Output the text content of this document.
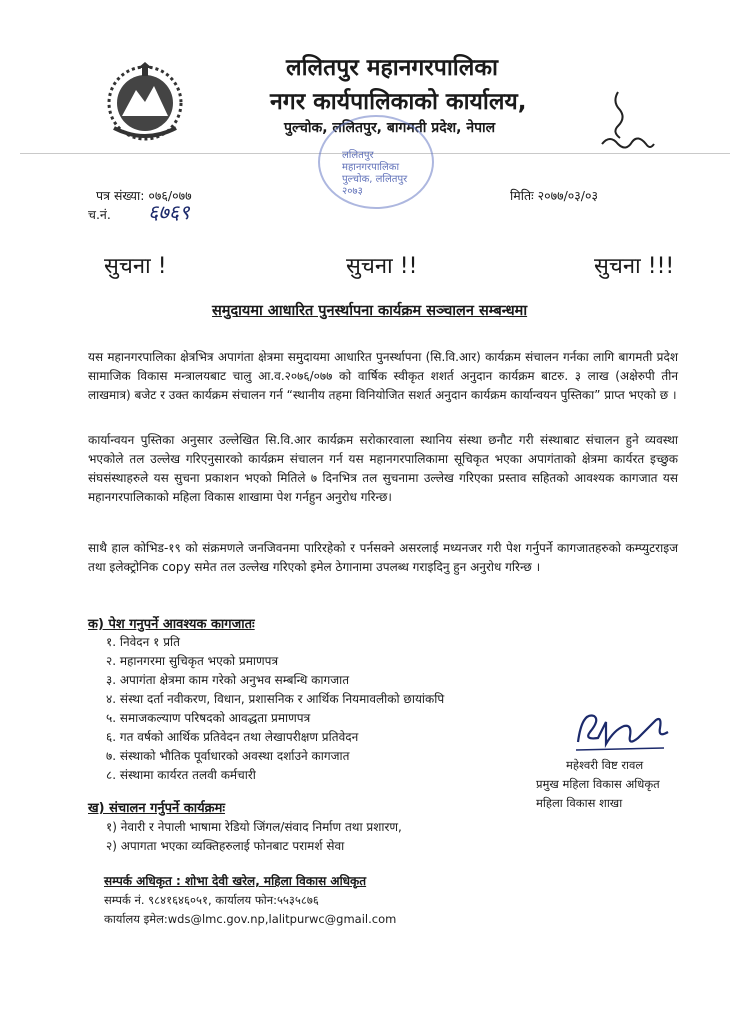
ललितपुर महानगरपालिका
नगर कार्यपालिकाको कार्यालय,
पुल्चोक, ललितपुर, बागमती प्रदेश, नेपाल
ललितपुर महानगरपालिका पुल्चोक, ललितपुर २०७३
पत्र संख्या: ०७६/०७७
च.नं. ६७६९
मितिः २०७७/०३/०३
सुचना !	सुचना !!	सुचना !!!
समुदायमा आधारित पुनर्स्थापना कार्यक्रम सञ्चालन सम्बन्धमा
यस महानगरपालिका क्षेत्रभित्र अपागंता क्षेत्रमा समुदायमा आधारित पुनर्स्थापना (सि.वि.आर) कार्यक्रम संचालन गर्नका लागि बागमती प्रदेश सामाजिक विकास मन्त्रालयबाट चालु आ.व.२०७६/०७७ को वार्षिक स्वीकृत शशर्त अनुदान कार्यक्रम बाटरु. ३ लाख (अक्षेरुपी तीन लाखमात्र) बजेट र उक्त कार्यक्रम संचालन गर्न “स्थानीय तहमा विनियोजित सशर्त अनुदान कार्यक्रम कार्यान्वयन पुस्तिका” प्राप्त भएको छ ।
कार्यान्वयन पुस्तिका अनुसार उल्लेखित सि.वि.आर कार्यक्रम सरोकारवाला स्थानिय संस्था छनौट गरी संस्थाबाट संचालन हुने व्यवस्था भएकोले तल उल्लेख गरिएनुसारको कार्यक्रम संचालन गर्न यस महानगरपालिकामा सूचिकृत भएका अपागंताको क्षेत्रमा कार्यरत इच्छुक संघसंस्थाहरुले यस सुचना प्रकाशन भएको मितिले ७ दिनभित्र तल सुचनामा उल्लेख गरिएका प्रस्ताव सहितको आवश्यक कागजात यस महानगरपालिकाको महिला विकास शाखामा पेश गर्नहुन अनुरोध गरिन्छ।
साथै हाल कोभिड-१९ को संक्रमणले जनजिवनमा पारिरहेको र पर्नसक्ने असरलाई मध्यनजर गरी पेश गर्नुपर्ने कागजातहरुको कम्प्युटराइज तथा इलेक्ट्रोनिक copy समेत तल उल्लेख गरिएको इमेल ठेगानामा उपलब्ध गराइदिनु हुन अनुरोध गरिन्छ ।
क) पेश गनुपर्ने आवश्यक कागजातः
१. निवेदन १ प्रति
२. महानगरमा सुचिकृत भएको प्रमाणपत्र
३. अपागंता क्षेत्रमा काम गरेको अनुभव सम्बन्धि कागजात
४. संस्था दर्ता नवीकरण, विधान, प्रशासनिक र आर्थिक नियमावलीको छायांकपि
५. समाजकल्याण परिषदको आवद्धता प्रमाणपत्र
६. गत वर्षको आर्थिक प्रतिवेदन तथा लेखापरीक्षण प्रतिवेदन
७. संस्थाको भौतिक पूर्वाधारको अवस्था दर्शाउने कागजात
८. संस्थामा कार्यरत तलवी कर्मचारी
महेश्वरी विष्ट रावल
प्रमुख महिला विकास अधिकृत
महिला विकास शाखा
ख) संचालन गर्नुपर्ने कार्यक्रमः
१) नेवारी र नेपाली भाषामा रेडियो जिंगल/संवाद निर्माण तथा प्रशारण,
२) अपागता भएका व्यक्तिहरुलाई फोनबाट परामर्श सेवा
सम्पर्क अधिकृत : शोभा देवी खरेल, महिला विकास अधिकृत
सम्पर्क नं. ९८४१६४६०५१, कार्यालय फोन:५५३५८७६
कार्यालय इमेल:wds@lmc.gov.np,lalitpurwc@gmail.com
